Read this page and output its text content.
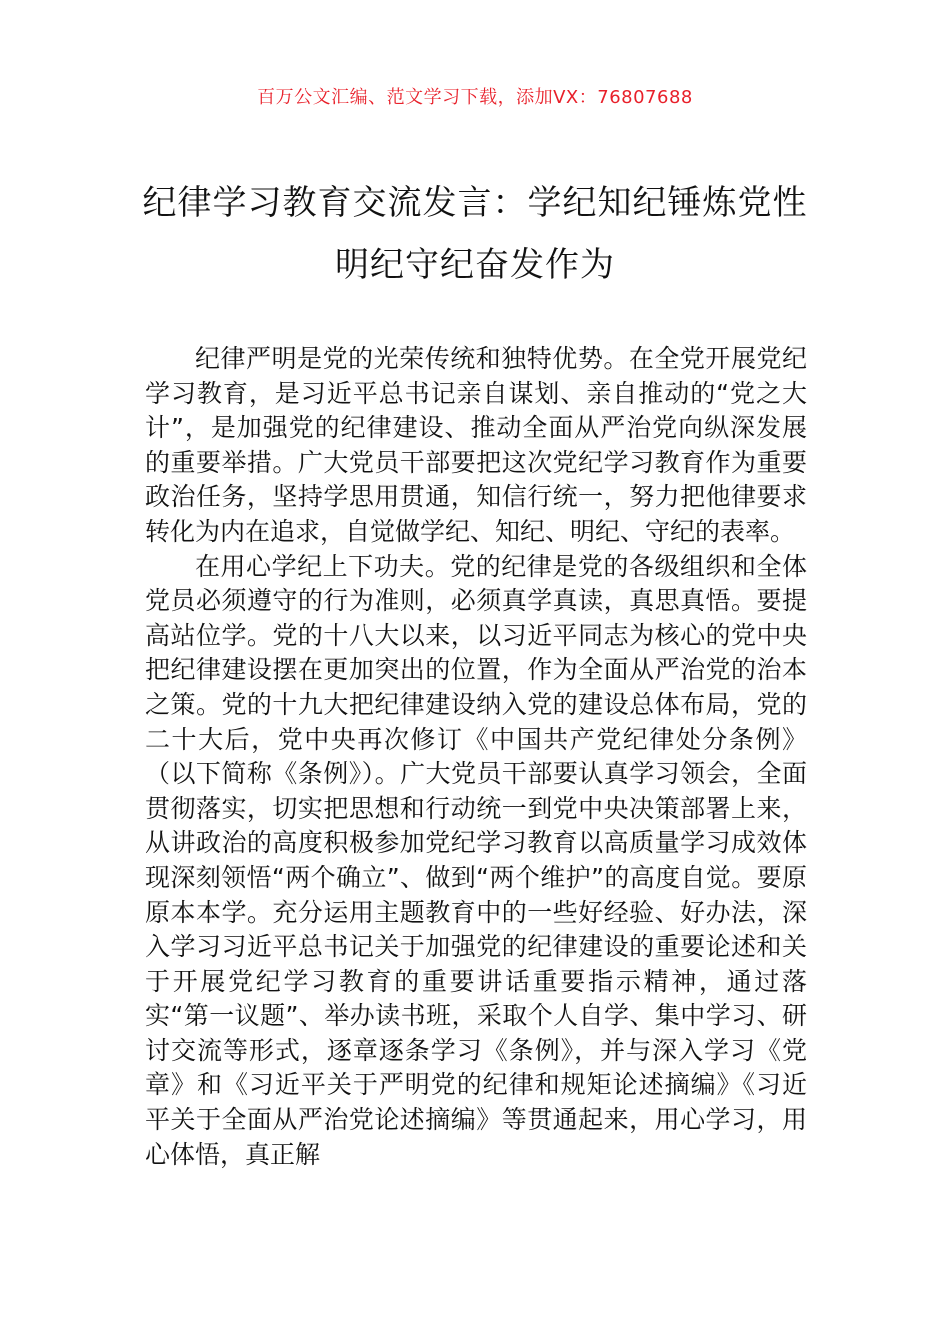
百万公文汇编、范文学习下载，添加VX：76807688
纪律学习教育交流发言：学纪知纪锤炼党性明纪守纪奋发作为

纪律严明是党的光荣传统和独特优势。在全党开展党纪学习教育，是习近平总书记亲自谋划、亲自推动的“党之大计”，是加强党的纪律建设、推动全面从严治党向纵深发展的重要举措。广大党员干部要把这次党纪学习教育作为重要政治任务，坚持学思用贯通，知信行统一，努力把他律要求转化为内在追求，自觉做学纪、知纪、明纪、守纪的表率。

在用心学纪上下功夫。党的纪律是党的各级组织和全体党员必须遵守的行为准则，必须真学真读，真思真悟。要提高站位学。党的十八大以来，以习近平同志为核心的党中央把纪律建设摆在更加突出的位置，作为全面从严治党的治本之策。党的十九大把纪律建设纳入党的建设总体布局，党的二十大后，党中央再次修订《中国共产党纪律处分条例》（以下简称《条例》）。广大党员干部要认真学习领会，全面贯彻落实，切实把思想和行动统一到党中央决策部署上来，从讲政治的高度积极参加党纪学习教育以高质量学习成效体现深刻领悟“两个确立”、做到“两个维护”的高度自觉。要原原本本学。充分运用主题教育中的一些好经验、好办法，深入学习习近平总书记关于加强党的纪律建设的重要论述和关于开展党纪学习教育的重要讲话重要指示精神，通过落实“第一议题”、举办读书班，采取个人自学、集中学习、研讨交流等形式，逐章逐条学习《条例》，并与深入学习《党章》和《习近平关于严明党的纪律和规矩论述摘编》《习近平关于全面从严治党论述摘编》等贯通起来，用心学习，用心体悟，真正解
